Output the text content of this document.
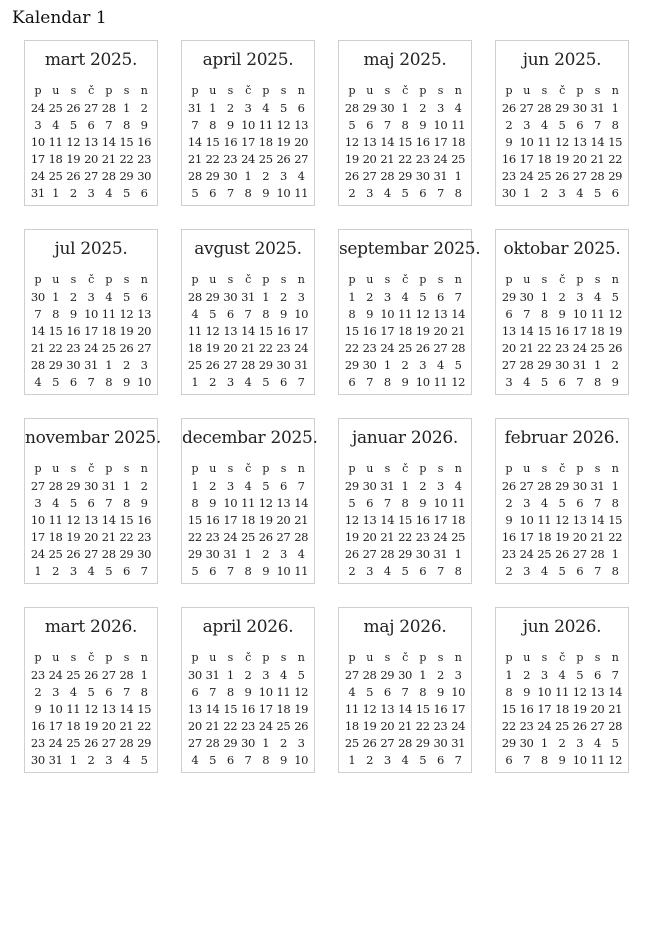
Kalendar 1
mart 2025.
p	u	s	č	p	s	n
24 25 26 27 28 1 2
3 4 5 6 7 8 9
10 11 12 13 14 15 16
17 18 19 20 21 22 23
24 25 26 27 28 29 30
31 1 2 3 4 5 6
april 2025.
p	u	s	č	p	s	n
31 1 2 3 4 5 6
7 8 9 10 11 12 13
14 15 16 17 18 19 20
21 22 23 24 25 26 27
28 29 30 1 2 3 4
5 6 7 8 9 10 11
maj 2025.
p	u	s	č	p	s	n
28 29 30 1 2 3 4
5 6 7 8 9 10 11
12 13 14 15 16 17 18
19 20 21 22 23 24 25
26 27 28 29 30 31 1
2 3 4 5 6 7 8
jun 2025.
p	u	s	č	p	s	n
26 27 28 29 30 31 1
2 3 4 5 6 7 8
9 10 11 12 13 14 15
16 17 18 19 20 21 22
23 24 25 26 27 28 29
30 1 2 3 4 5 6
jul 2025.
p	u	s	č	p	s	n
30 1 2 3 4 5 6
7 8 9 10 11 12 13
14 15 16 17 18 19 20
21 22 23 24 25 26 27
28 29 30 31 1 2 3
4 5 6 7 8 9 10
avgust 2025.
p	u	s	č	p	s	n
28 29 30 31 1 2 3
4 5 6 7 8 9 10
11 12 13 14 15 16 17
18 19 20 21 22 23 24
25 26 27 28 29 30 31
1 2 3 4 5 6 7
septembar 2025.
p	u	s	č	p	s	n
1 2 3 4 5 6 7
8 9 10 11 12 13 14
15 16 17 18 19 20 21
22 23 24 25 26 27 28
29 30 1 2 3 4 5
6 7 8 9 10 11 12
oktobar 2025.
p	u	s	č	p	s	n
29 30 1 2 3 4 5
6 7 8 9 10 11 12
13 14 15 16 17 18 19
20 21 22 23 24 25 26
27 28 29 30 31 1 2
3 4 5 6 7 8 9
novembar 2025.
p	u	s	č	p	s	n
27 28 29 30 31 1 2
3 4 5 6 7 8 9
10 11 12 13 14 15 16
17 18 19 20 21 22 23
24 25 26 27 28 29 30
1 2 3 4 5 6 7
decembar 2025.
p	u	s	č	p	s	n
1 2 3 4 5 6 7
8 9 10 11 12 13 14
15 16 17 18 19 20 21
22 23 24 25 26 27 28
29 30 31 1 2 3 4
5 6 7 8 9 10 11
januar 2026.
p	u	s	č	p	s	n
29 30 31 1 2 3 4
5 6 7 8 9 10 11
12 13 14 15 16 17 18
19 20 21 22 23 24 25
26 27 28 29 30 31 1
2 3 4 5 6 7 8
februar 2026.
p	u	s	č	p	s	n
26 27 28 29 30 31 1
2 3 4 5 6 7 8
9 10 11 12 13 14 15
16 17 18 19 20 21 22
23 24 25 26 27 28 1
2 3 4 5 6 7 8
mart 2026.
p	u	s	č	p	s	n
23 24 25 26 27 28 1
2 3 4 5 6 7 8
9 10 11 12 13 14 15
16 17 18 19 20 21 22
23 24 25 26 27 28 29
30 31 1 2 3 4 5
april 2026.
p	u	s	č	p	s	n
30 31 1 2 3 4 5
6 7 8 9 10 11 12
13 14 15 16 17 18 19
20 21 22 23 24 25 26
27 28 29 30 1 2 3
4 5 6 7 8 9 10
maj 2026.
p	u	s	č	p	s	n
27 28 29 30 1 2 3
4 5 6 7 8 9 10
11 12 13 14 15 16 17
18 19 20 21 22 23 24
25 26 27 28 29 30 31
1 2 3 4 5 6 7
jun 2026.
p	u	s	č	p	s	n
1 2 3 4 5 6 7
8 9 10 11 12 13 14
15 16 17 18 19 20 21
22 23 24 25 26 27 28
29 30 1 2 3 4 5
6 7 8 9 10 11 12
